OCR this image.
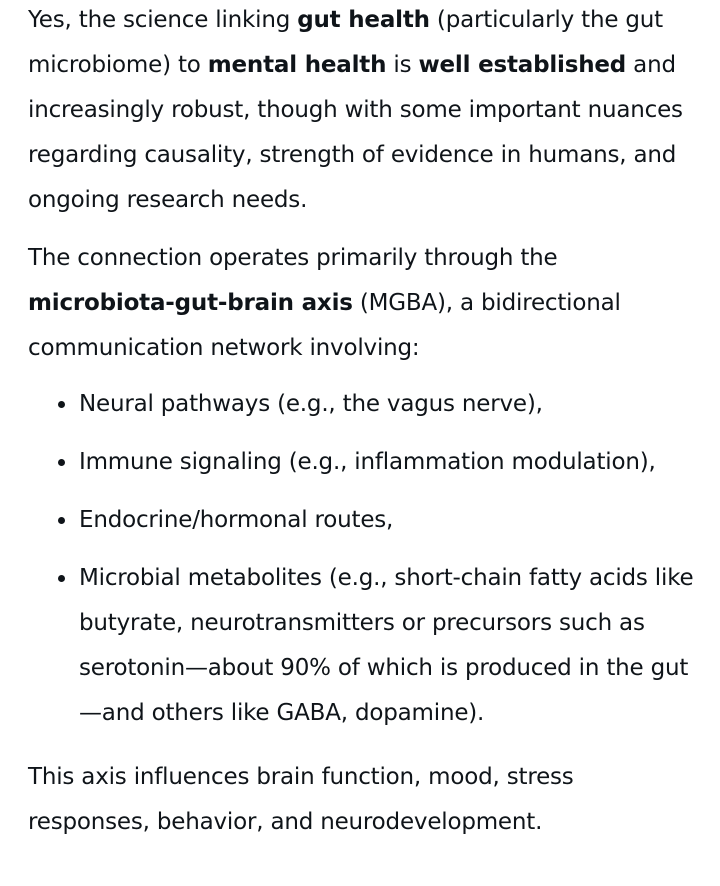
Yes, the science linking gut health (particularly the gut microbiome) to mental health is well established and increasingly robust, though with some important nuances regarding causality, strength of evidence in humans, and ongoing research needs.

The connection operates primarily through the microbiota-gut-brain axis (MGBA), a bidirectional communication network involving:

Neural pathways (e.g., the vagus nerve),
Immune signaling (e.g., inflammation modulation),
Endocrine/hormonal routes,
Microbial metabolites (e.g., short-chain fatty acids like butyrate, neurotransmitters or precursors such as serotonin—about 90% of which is produced in the gut—and others like GABA, dopamine).

This axis influences brain function, mood, stress responses, behavior, and neurodevelopment.
